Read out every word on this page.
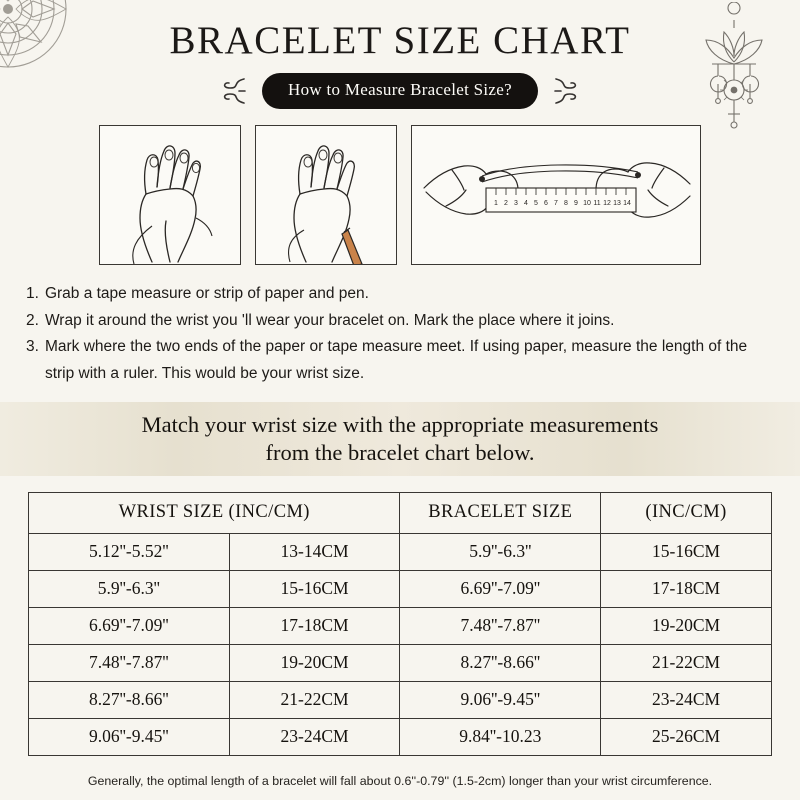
BRACELET SIZE CHART
How to Measure Bracelet Size?
1 2 3 4 5 6 7 8 9 10 11 12 13 14
1. Grab a tape measure or strip of paper and pen.
2. Wrap it around the wrist you 'll wear your bracelet on. Mark the place where it joins.
3. Mark where the two ends of the paper or tape measure meet. If using paper, measure the length of the strip with a ruler. This would be your wrist size.
Match your wrist size with the appropriate measurements
from the bracelet chart below.
WRIST SIZE (INC/CM)		BRACELET SIZE	(INC/CM)
5.12''-5.52''	13-14CM	5.9''-6.3''	15-16CM
5.9''-6.3''	15-16CM	6.69''-7.09''	17-18CM
6.69''-7.09''	17-18CM	7.48''-7.87''	19-20CM
7.48''-7.87''	19-20CM	8.27''-8.66''	21-22CM
8.27''-8.66''	21-22CM	9.06''-9.45''	23-24CM
9.06''-9.45''	23-24CM	9.84''-10.23	25-26CM
Generally, the optimal length of a bracelet will fall about 0.6''-0.79'' (1.5-2cm) longer than your wrist circumference.
